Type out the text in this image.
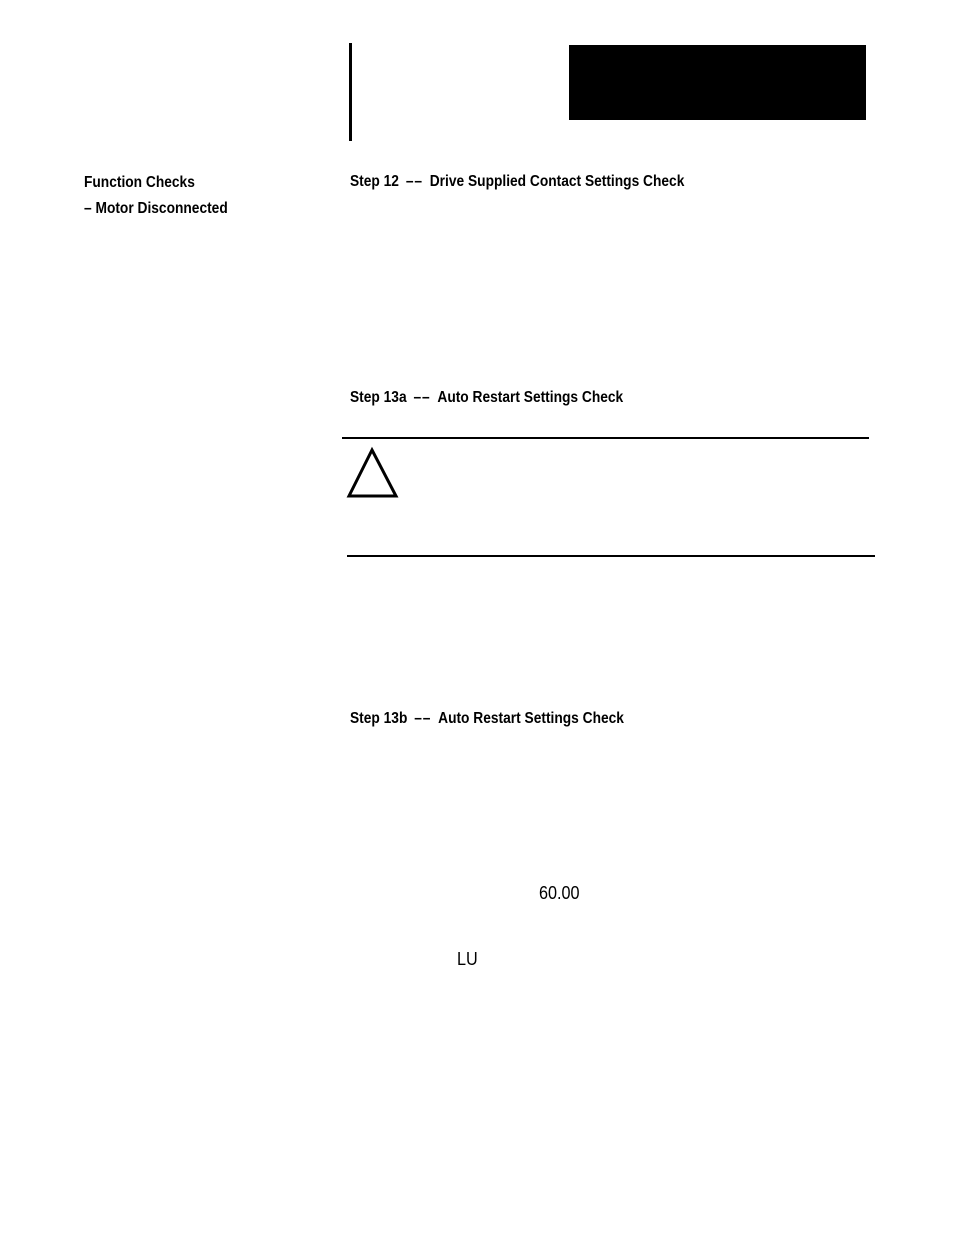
Function Checks
– Motor Disconnected
Step 12 –– Drive Supplied Contact Settings Check
Step 13a –– Auto Restart Settings Check
Step 13b –– Auto Restart Settings Check
60.00
LU
